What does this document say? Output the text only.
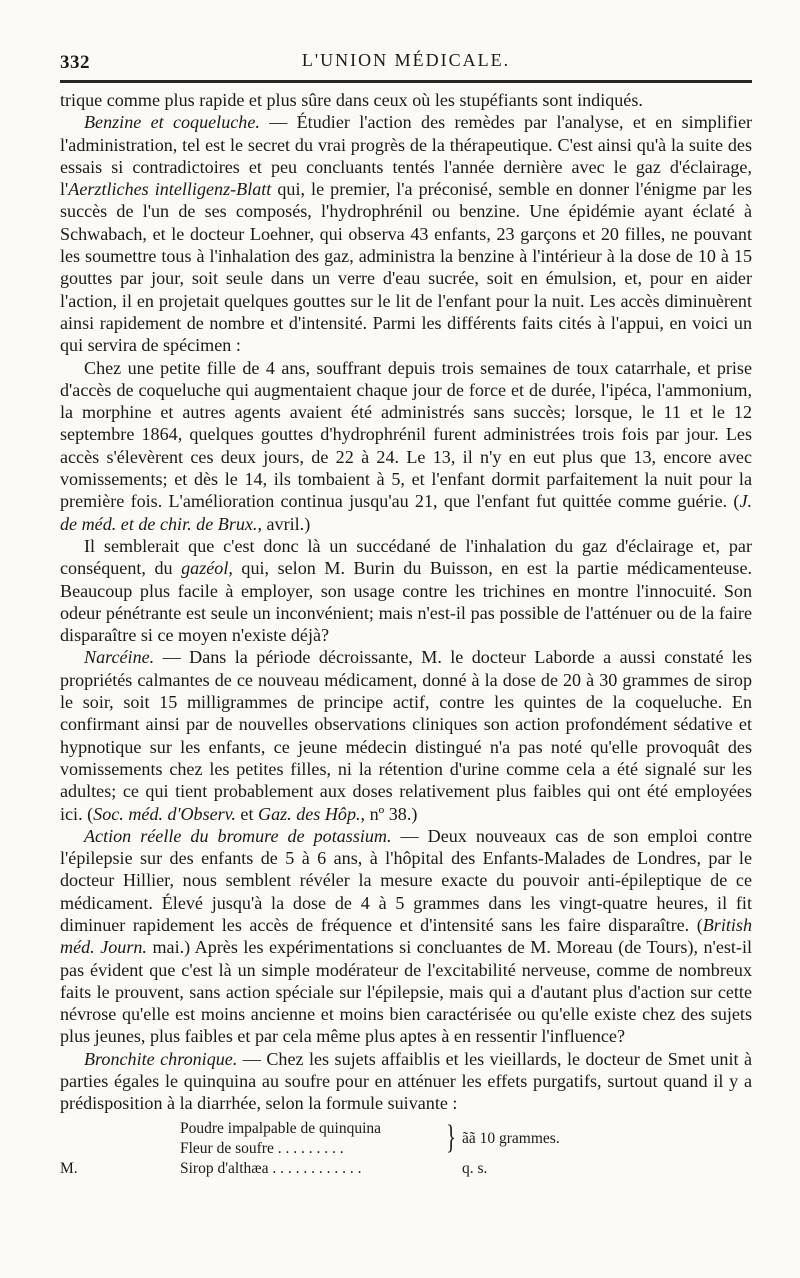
332	L'UNION MÉDICALE.

trique comme plus rapide et plus sûre dans ceux où les stupéfiants sont indiqués.

Benzine et coqueluche. — Étudier l'action des remèdes par l'analyse, et en simplifier l'administration, tel est le secret du vrai progrès de la thérapeutique. C'est ainsi qu'à la suite des essais si contradictoires et peu concluants tentés l'année dernière avec le gaz d'éclairage, l'Aerztliches intelligenz-Blatt qui, le premier, l'a préconisé, semble en donner l'énigme par les succès de l'un de ses composés, l'hydrophrénil ou benzine. Une épidémie ayant éclaté à Schwabach, et le docteur Loehner, qui observa 43 enfants, 23 garçons et 20 filles, ne pouvant les soumettre tous à l'inhalation des gaz, administra la benzine à l'intérieur à la dose de 10 à 15 gouttes par jour, soit seule dans un verre d'eau sucrée, soit en émulsion, et, pour en aider l'action, il en projetait quelques gouttes sur le lit de l'enfant pour la nuit. Les accès diminuèrent ainsi rapidement de nombre et d'intensité. Parmi les différents faits cités à l'appui, en voici un qui servira de spécimen :

Chez une petite fille de 4 ans, souffrant depuis trois semaines de toux catarrhale, et prise d'accès de coqueluche qui augmentaient chaque jour de force et de durée, l'ipéca, l'ammonium, la morphine et autres agents avaient été administrés sans succès; lorsque, le 11 et le 12 septembre 1864, quelques gouttes d'hydrophrénil furent administrées trois fois par jour. Les accès s'élevèrent ces deux jours, de 22 à 24. Le 13, il n'y en eut plus que 13, encore avec vomissements; et dès le 14, ils tombaient à 5, et l'enfant dormit parfaitement la nuit pour la première fois. L'amélioration continua jusqu'au 21, que l'enfant fut quittée comme guérie. (J. de méd. et de chir. de Brux., avril.)

Il semblerait que c'est donc là un succédané de l'inhalation du gaz d'éclairage et, par conséquent, du gazéol, qui, selon M. Burin du Buisson, en est la partie médicamenteuse. Beaucoup plus facile à employer, son usage contre les trichines en montre l'innocuité. Son odeur pénétrante est seule un inconvénient; mais n'est-il pas possible de l'atténuer ou de la faire disparaître si ce moyen n'existe déjà?

Narcéine. — Dans la période décroissante, M. le docteur Laborde a aussi constaté les propriétés calmantes de ce nouveau médicament, donné à la dose de 20 à 30 grammes de sirop le soir, soit 15 milligrammes de principe actif, contre les quintes de la coqueluche. En confirmant ainsi par de nouvelles observations cliniques son action profondément sédative et hypnotique sur les enfants, ce jeune médecin distingué n'a pas noté qu'elle provoquât des vomissements chez les petites filles, ni la rétention d'urine comme cela a été signalé sur les adultes; ce qui tient probablement aux doses relativement plus faibles qui ont été employées ici. (Soc. méd. d'Observ. et Gaz. des Hôp., nº 38.)

Action réelle du bromure de potassium. — Deux nouveaux cas de son emploi contre l'épilepsie sur des enfants de 5 à 6 ans, à l'hôpital des Enfants-Malades de Londres, par le docteur Hillier, nous semblent révéler la mesure exacte du pouvoir anti-épileptique de ce médicament. Élevé jusqu'à la dose de 4 à 5 grammes dans les vingt-quatre heures, il fit diminuer rapidement les accès de fréquence et d'intensité sans les faire disparaître. (British méd. Journ. mai.) Après les expérimentations si concluantes de M. Moreau (de Tours), n'est-il pas évident que c'est là un simple modérateur de l'excitabilité nerveuse, comme de nombreux faits le prouvent, sans action spéciale sur l'épilepsie, mais qui a d'autant plus d'action sur cette névrose qu'elle est moins ancienne et moins bien caractérisée ou qu'elle existe chez des sujets plus jeunes, plus faibles et par cela même plus aptes à en ressentir l'influence?

Bronchite chronique. — Chez les sujets affaiblis et les vieillards, le docteur de Smet unit à parties égales le quinquina au soufre pour en atténuer les effets purgatifs, surtout quand il y a prédisposition à la diarrhée, selon la formule suivante :

M.
Poudre impalpable de quinquina
Fleur de soufre . . . . . . . . .
Sirop d'althæa . . . . . . . . . . . .
} ãã 10 grammes.
q. s.
